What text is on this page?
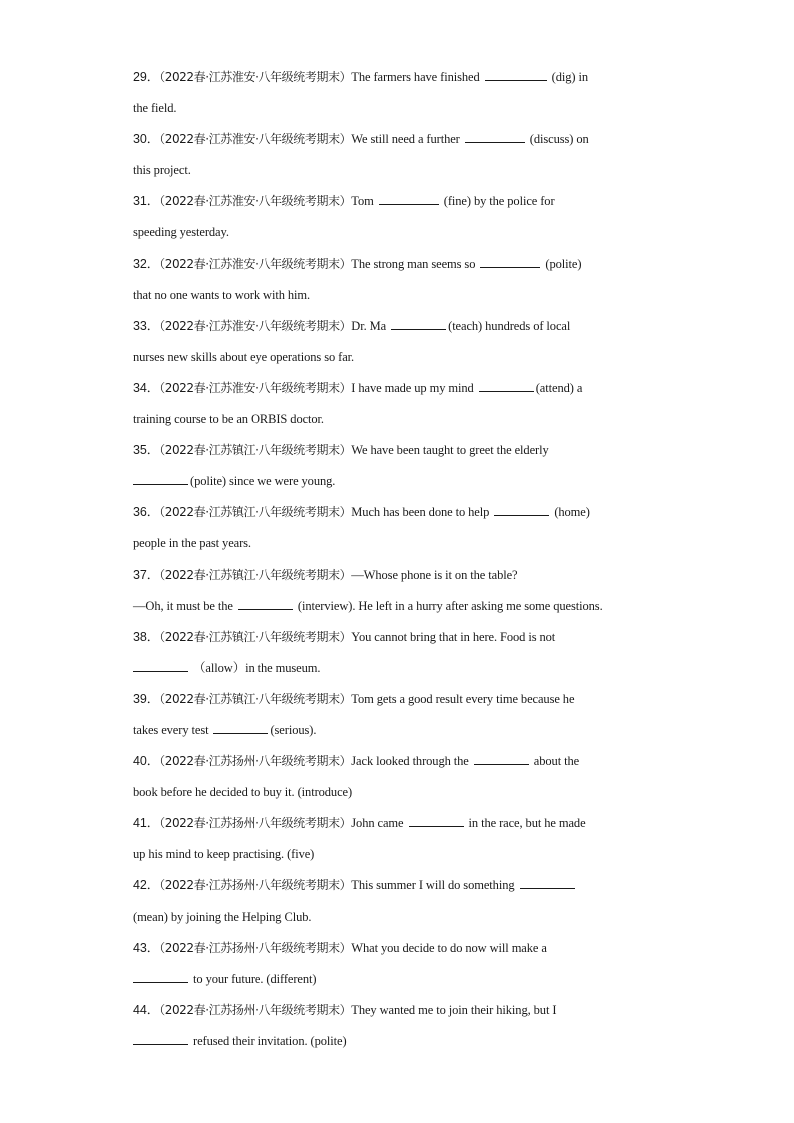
29．（2022春·江苏淮安·八年级统考期末）The farmers have finished	(dig) in
the field.
30．（2022春·江苏淮安·八年级统考期末）We still need a further	(discuss) on
this project.
31．（2022春·江苏淮安·八年级统考期末）Tom	(fine) by the police for
speeding yesterday.
32．（2022春·江苏淮安·八年级统考期末）The strong man seems so	(polite)
that no one wants to work with him.
33．（2022春·江苏淮安·八年级统考期末）Dr. Ma	(teach) hundreds of local
nurses new skills about eye operations so far.
34．（2022春·江苏淮安·八年级统考期末）I have made up my mind	(attend) a
training course to be an ORBIS doctor.
35．（2022春·江苏镇江·八年级统考期末）We have been taught to greet the elderly
(polite) since we were young.
36．（2022春·江苏镇江·八年级统考期末）Much has been done to help	(home)
people in the past years.
37．（2022春·江苏镇江·八年级统考期末）—Whose phone is it on the table?
—Oh, it must be the	(interview). He left in a hurry after asking me some questions.
38．（2022春·江苏镇江·八年级统考期末）You cannot bring that in here. Food is not
（allow）in the museum.
39．（2022春·江苏镇江·八年级统考期末）Tom gets a good result every time because he
takes every test	(serious).
40．（2022春·江苏扬州·八年级统考期末）Jack looked through the	about the
book before he decided to buy it. (introduce)
41．（2022春·江苏扬州·八年级统考期末）John came	in the race, but he made
up his mind to keep practising. (five)
42．（2022春·江苏扬州·八年级统考期末）This summer I will do something
(mean) by joining the Helping Club.
43．（2022春·江苏扬州·八年级统考期末）What you decide to do now will make a
to your future. (different)
44．（2022春·江苏扬州·八年级统考期末）They wanted me to join their hiking, but I
refused their invitation. (polite)
